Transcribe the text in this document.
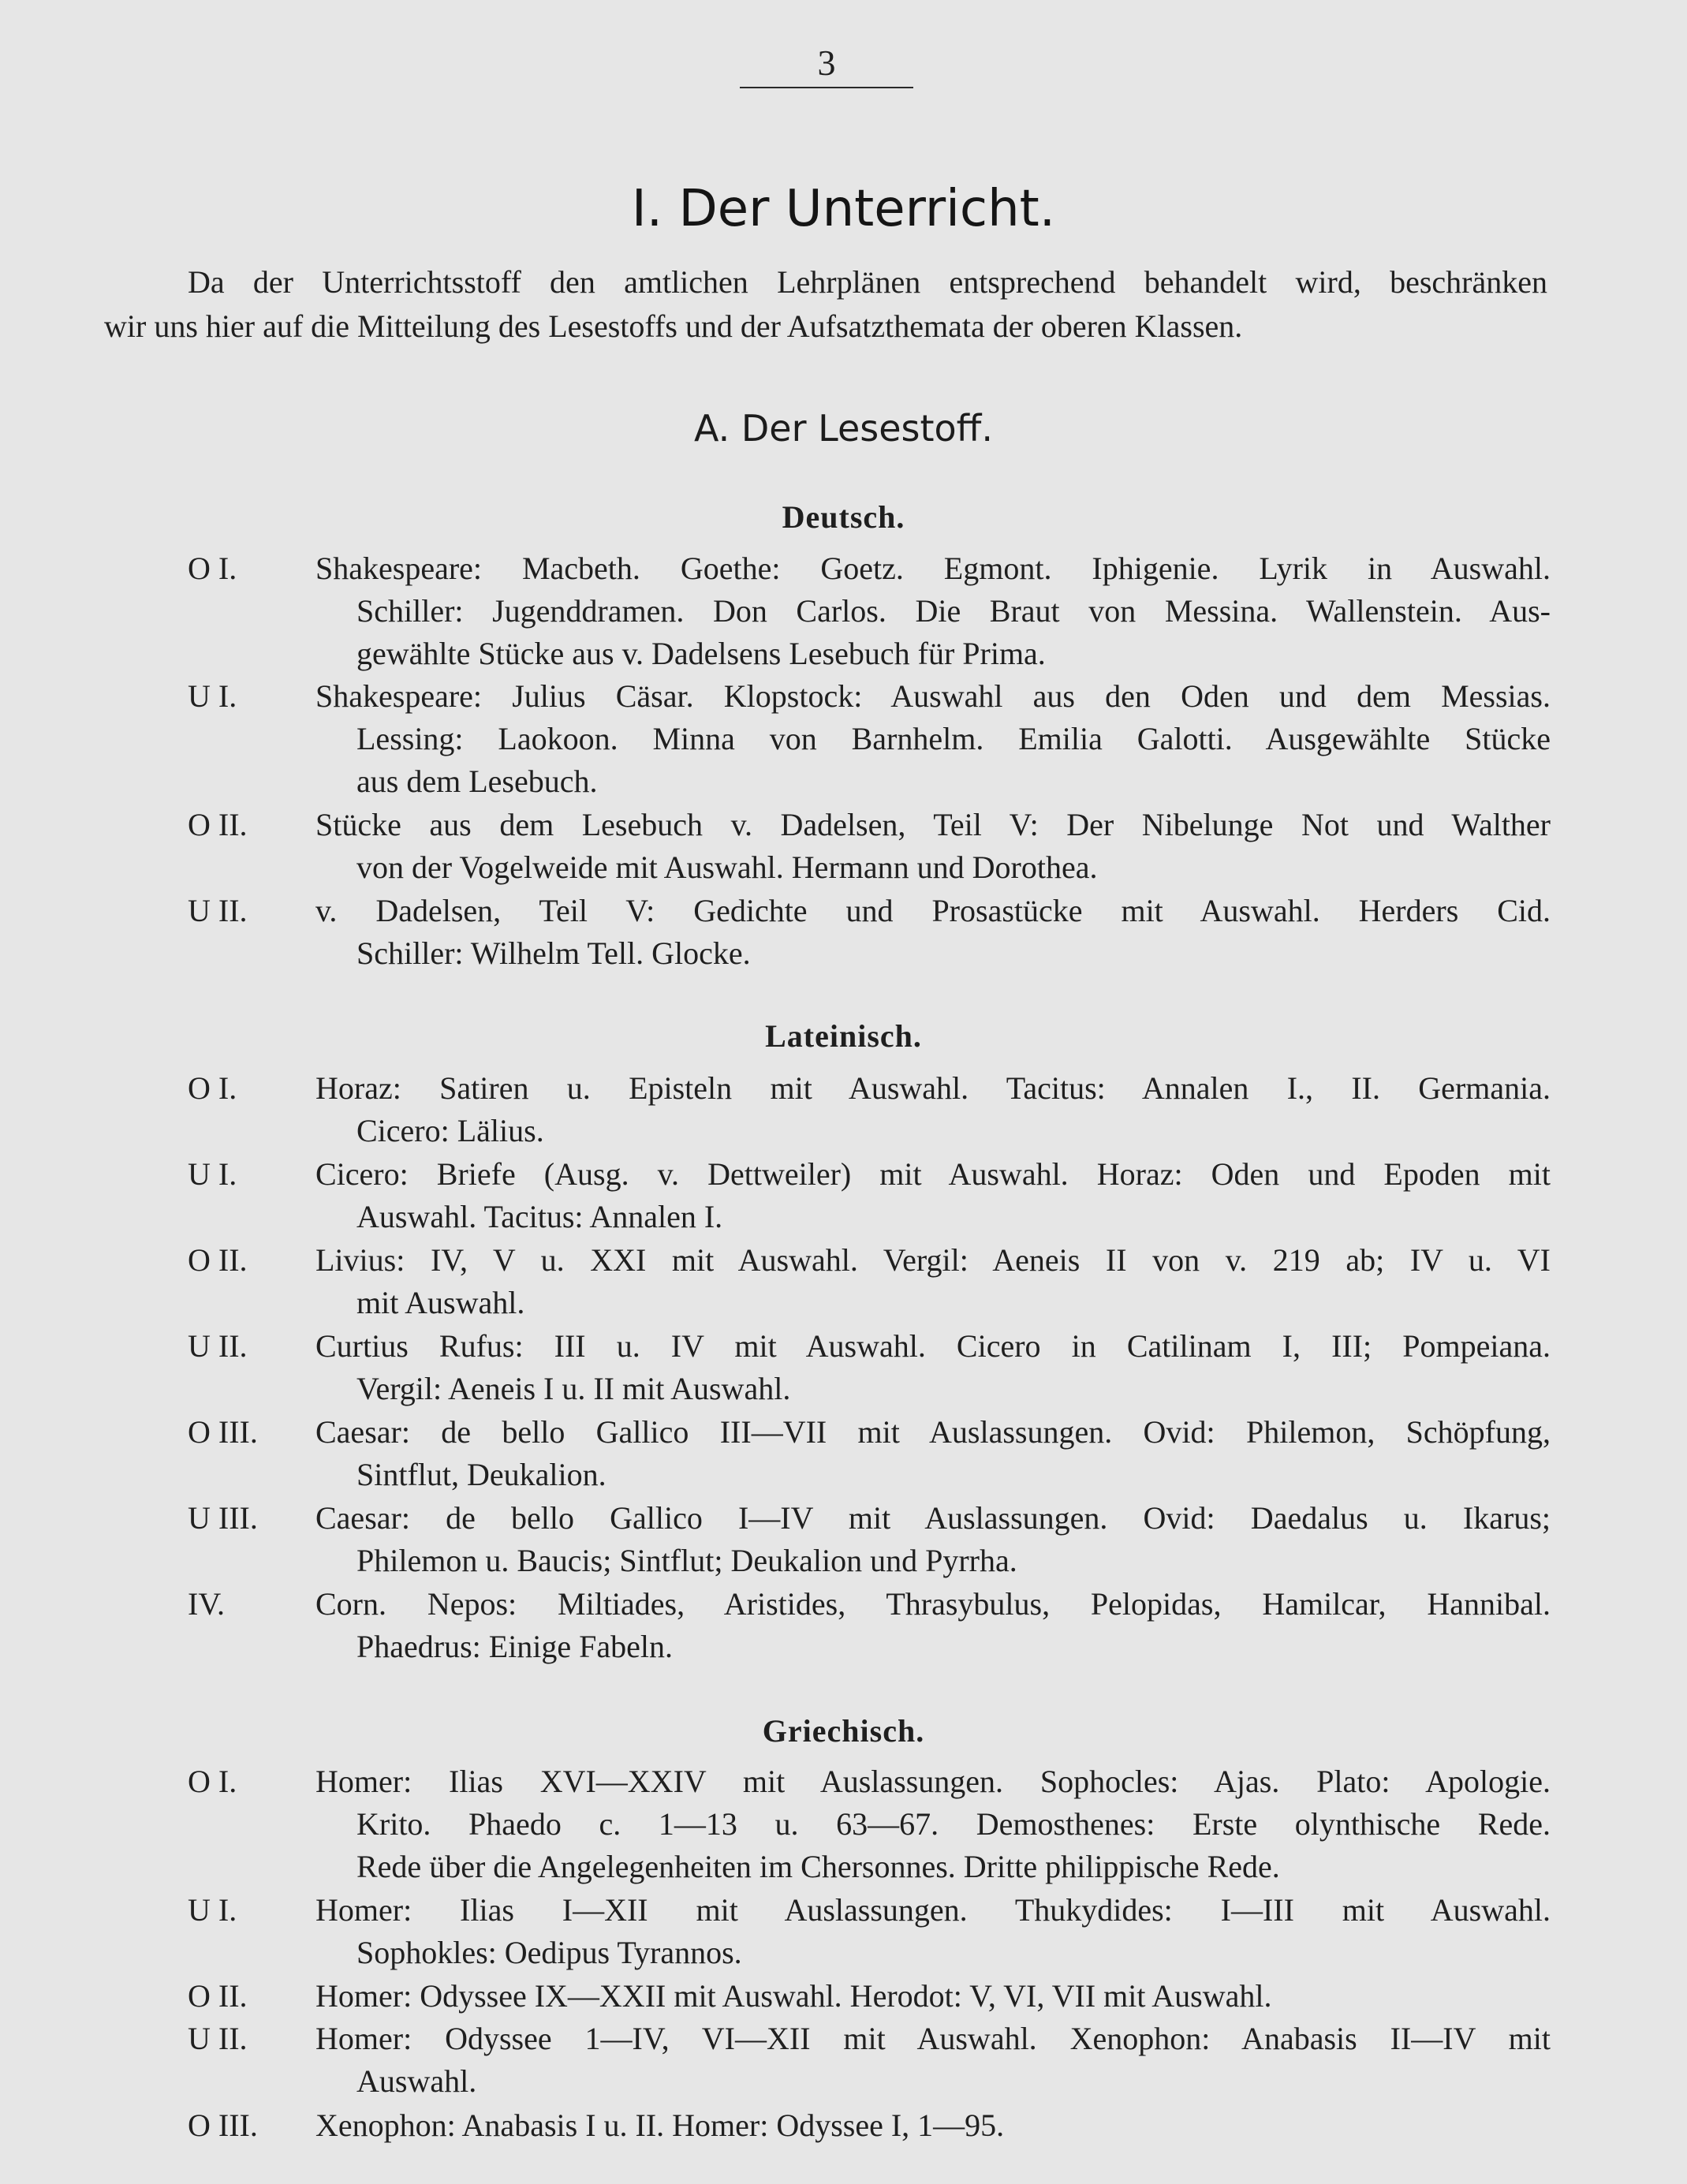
3
I. Der Unterricht.
Da der Unterrichtsstoff den amtlichen Lehrplänen entsprechend behandelt wird, beschränken
wir uns hier auf die Mitteilung des Lesestoffs und der Aufsatzthemata der oberen Klassen.
A. Der Lesestoff.
Deutsch.
O I. Shakespeare: Macbeth. Goethe: Goetz. Egmont. Iphigenie. Lyrik in Auswahl.
Schiller: Jugenddramen. Don Carlos. Die Braut von Messina. Wallenstein. Aus-
gewählte Stücke aus v. Dadelsens Lesebuch für Prima.
U I. Shakespeare: Julius Cäsar. Klopstock: Auswahl aus den Oden und dem Messias.
Lessing: Laokoon. Minna von Barnhelm. Emilia Galotti. Ausgewählte Stücke
aus dem Lesebuch.
O II. Stücke aus dem Lesebuch v. Dadelsen, Teil V: Der Nibelunge Not und Walther
von der Vogelweide mit Auswahl. Hermann und Dorothea.
U II. v. Dadelsen, Teil V: Gedichte und Prosastücke mit Auswahl. Herders Cid.
Schiller: Wilhelm Tell. Glocke.
Lateinisch.
O I. Horaz: Satiren u. Episteln mit Auswahl. Tacitus: Annalen I., II. Germania.
Cicero: Lälius.
U I. Cicero: Briefe (Ausg. v. Dettweiler) mit Auswahl. Horaz: Oden und Epoden mit
Auswahl. Tacitus: Annalen I.
O II. Livius: IV, V u. XXI mit Auswahl. Vergil: Aeneis II von v. 219 ab; IV u. VI
mit Auswahl.
U II. Curtius Rufus: III u. IV mit Auswahl. Cicero in Catilinam I, III; Pompeiana.
Vergil: Aeneis I u. II mit Auswahl.
O III. Caesar: de bello Gallico III—VII mit Auslassungen. Ovid: Philemon, Schöpfung,
Sintflut, Deukalion.
U III. Caesar: de bello Gallico I—IV mit Auslassungen. Ovid: Daedalus u. Ikarus;
Philemon u. Baucis; Sintflut; Deukalion und Pyrrha.
IV.	Corn. Nepos: Miltiades, Aristides, Thrasybulus, Pelopidas, Hamilcar, Hannibal.
Phaedrus: Einige Fabeln.
Griechisch.
O I. Homer: Ilias XVI—XXIV mit Auslassungen. Sophocles: Ajas. Plato: Apologie.
Krito. Phaedo c. 1—13 u. 63—67. Demosthenes: Erste olynthische Rede.
Rede über die Angelegenheiten im Chersonnes. Dritte philippische Rede.
U I. Homer: Ilias I—XII mit Auslassungen. Thukydides: I—III mit Auswahl.
Sophokles: Oedipus Tyrannos.
O II. Homer: Odyssee IX—XXII mit Auswahl. Herodot: V, VI, VII mit Auswahl.
U II. Homer: Odyssee 1—IV, VI—XII mit Auswahl. Xenophon: Anabasis II—IV mit
Auswahl.
O III. Xenophon: Anabasis I u. II. Homer: Odyssee I, 1—95.
